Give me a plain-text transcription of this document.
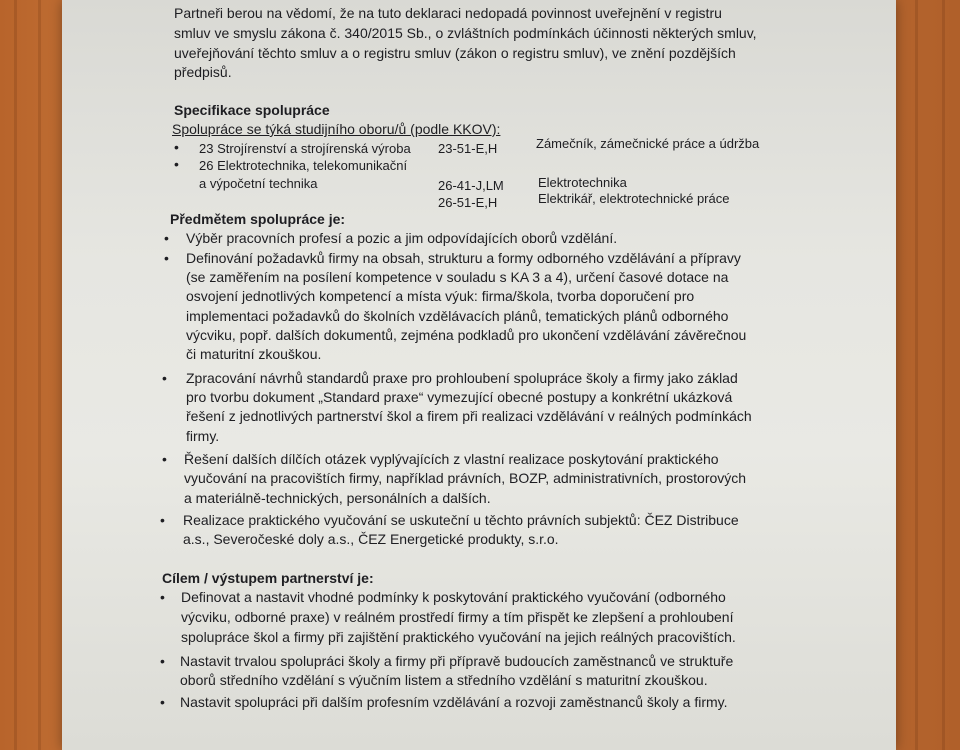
Partneři berou na vědomí, že na tuto deklaraci nedopadá povinnost uveřejnění v registru
smluv ve smyslu zákona č. 340/2015 Sb., o zvláštních podmínkách účinnosti některých smluv,
uveřejňování těchto smluv a o registru smluv (zákon o registru smluv), ve znění pozdějších
předpisů.
Specifikace spolupráce
Spolupráce se týká studijního oboru/ů (podle KKOV):
• 23 Strojírenství a strojírenská výroba 23-51-E,H	Zámečník, zámečnické práce a údržba
• 26 Elektrotechnika, telekomunikační
a výpočetní technika	26-41-J,LM	Elektrotechnika
26-51-E,H	Elektrikář, elektrotechnické práce
Předmětem spolupráce je:
• Výběr pracovních profesí a pozic a jim odpovídajících oborů vzdělání.
• Definování požadavků firmy na obsah, strukturu a formy odborného vzdělávání a přípravy
(se zaměřením na posílení kompetence v souladu s KA 3 a 4), určení časové dotace na
osvojení jednotlivých kompetencí a místa výuk: firma/škola, tvorba doporučení pro
implementaci požadavků do školních vzdělávacích plánů, tematických plánů odborného
výcviku, popř. dalších dokumentů, zejména podkladů pro ukončení vzdělávání závěrečnou
či maturitní zkouškou.
• Zpracování návrhů standardů praxe pro prohloubení spolupráce školy a firmy jako základ
pro tvorbu dokument „Standard praxe“ vymezující obecné postupy a konkrétní ukázková
řešení z jednotlivých partnerství škol a firem při realizaci vzdělávání v reálných podmínkách
firmy.
• Řešení dalších dílčích otázek vyplývajících z vlastní realizace poskytování praktického
vyučování na pracovištích firmy, například právních, BOZP, administrativních, prostorových
a materiálně-technických, personálních a dalších.
• Realizace praktického vyučování se uskuteční u těchto právních subjektů: ČEZ Distribuce
a.s., Severočeské doly a.s., ČEZ Energetické produkty, s.r.o.
Cílem / výstupem partnerství je:
• Definovat a nastavit vhodné podmínky k poskytování praktického vyučování (odborného
výcviku, odborné praxe) v reálném prostředí firmy a tím přispět ke zlepšení a prohloubení
spolupráce škol a firmy při zajištění praktického vyučování na jejich reálných pracovištích.
• Nastavit trvalou spolupráci školy a firmy při přípravě budoucích zaměstnanců ve struktuře
oborů středního vzdělání s výučním listem a středního vzdělání s maturitní zkouškou.
• Nastavit spolupráci při dalším profesním vzdělávání a rozvoji zaměstnanců školy a firmy.
